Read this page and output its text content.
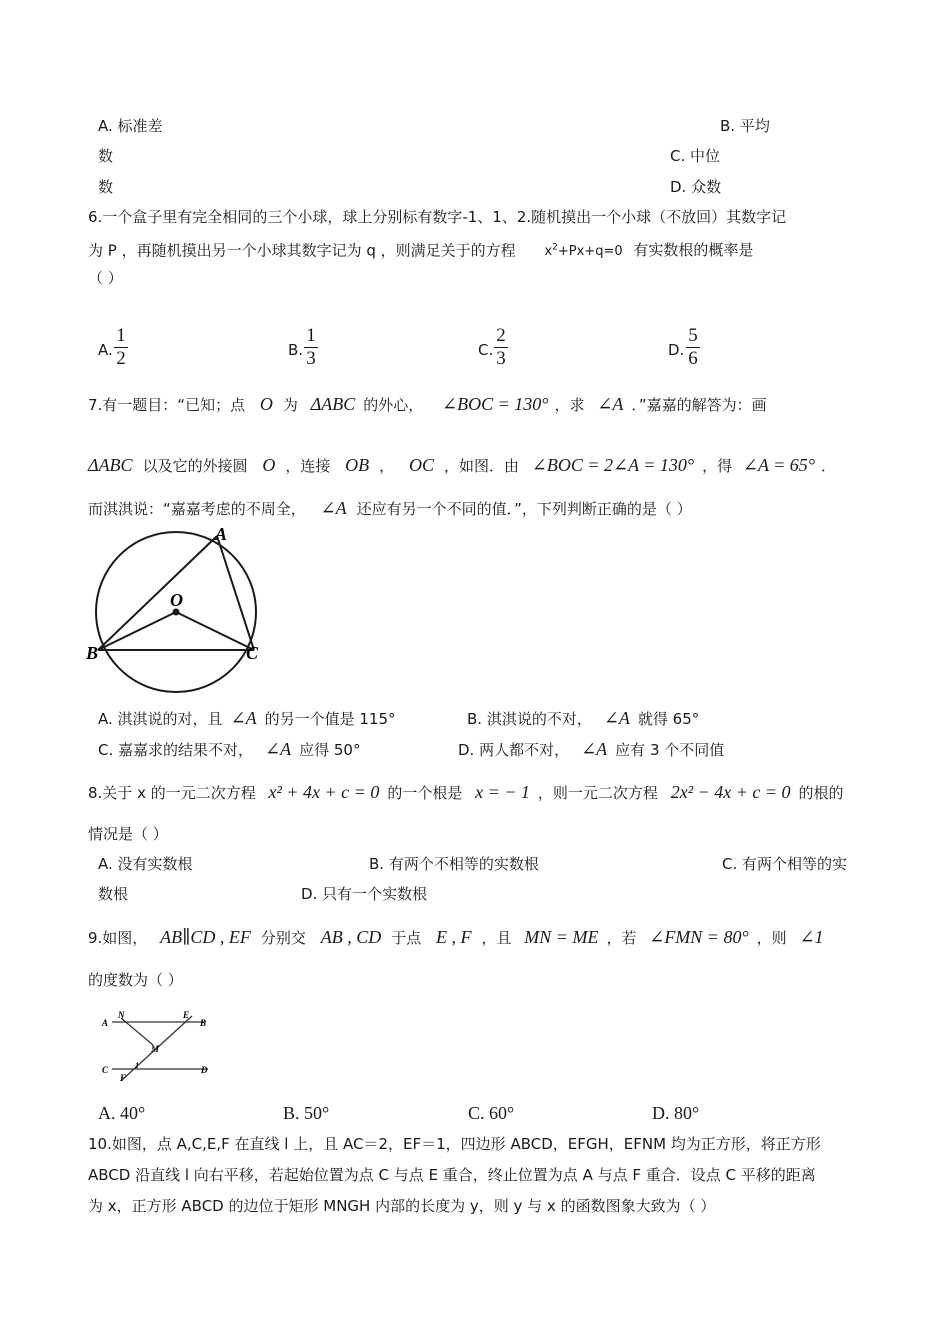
A. 标准差	B. 平均
数	C. 中位
数	D. 众数
6.一个盒子里有完全相同的三个小球，球上分别标有数字-1、1、2.随机摸出一个小球（不放回）其数字记
为 P ，再随机摸出另一个小球其数字记为 q ，则满足关于的方程 $x^2+Px+q=0$ 有实数根的概率是
（ ）
A.
1
2	B.
1
3	C.
2
3	D.
5
6
7.有一题目：“已知；点 O 为 ΔABC 的外心， ∠BOC = 130° ，求 ∠A ．”嘉嘉的解答为：画
ΔABC 以及它的外接圆 O ，连接 OB ， OC ，如图．由 ∠BOC = 2∠A = 130° ，得 ∠A = 65° ．
而淇淇说：“嘉嘉考虑的不周全， ∠A 还应有另一个不同的值．”，下列判断正确的是（ ）
A
O
B	C
A. 淇淇说的对，且 ∠A 的另一个值是 115°	B. 淇淇说的不对， ∠A 就得 65°
C. 嘉嘉求的结果不对， ∠A 应得 50°	D. 两人都不对， ∠A 应有 3 个不同值
8.关于 x 的一元二次方程 x² + 4x + c = 0 的一个根是 x = − 1 ，则一元二次方程 2x² − 4x + c = 0 的根的
情况是（ ）
A. 没有实数根	B. 有两个不相等的实数根	C. 有两个相等的实
数根	D. 只有一个实数根
9.如图， AB∥CD , EF 分别交 AB , CD 于点 E , F ，且 MN = ME ，若 ∠FMN = 80° ，则 ∠1
的度数为（ ）
A
N	E
B
M
C
F
1	D
A. 40°	B. 50°	C. 60°	D. 80°
10.如图，点 A,C,E,F 在直线 l 上，且 AC＝2，EF＝1，四边形 ABCD，EFGH，EFNM 均为正方形，将正方形
ABCD 沿直线 l 向右平移，若起始位置为点 C 与点 E 重合，终止位置为点 A 与点 F 重合．设点 C 平移的距离
为 x，正方形 ABCD 的边位于矩形 MNGH 内部的长度为 y，则 y 与 x 的函数图象大致为（ ）
